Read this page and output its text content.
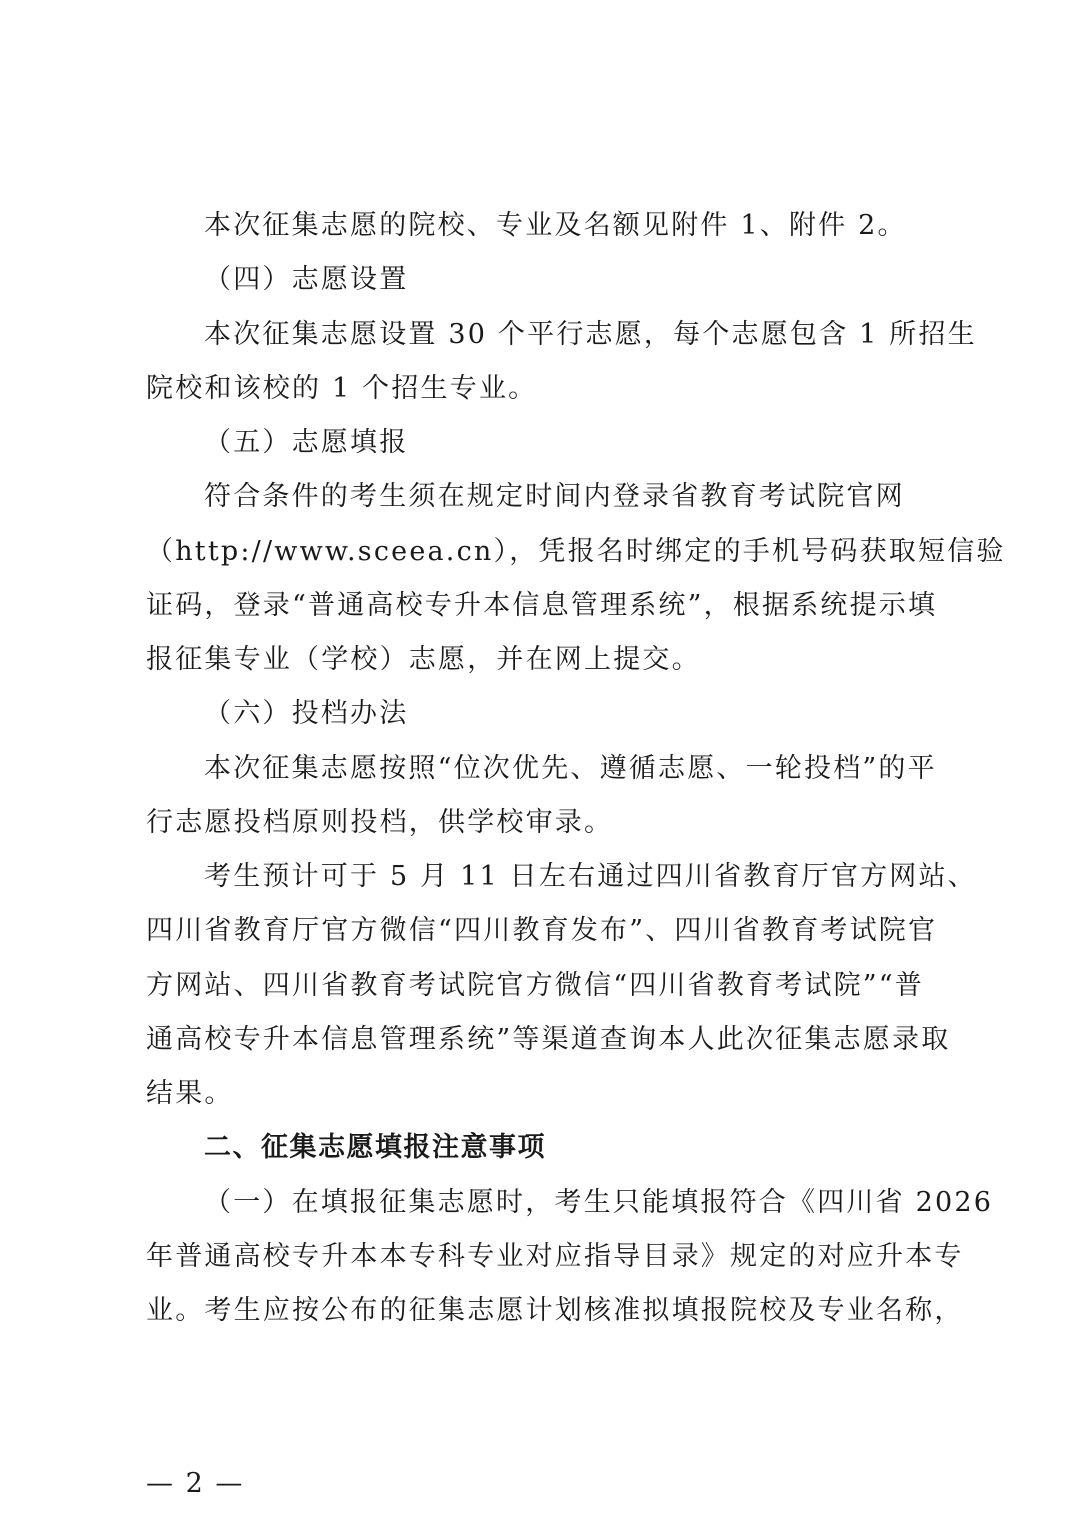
本次征集志愿的院校、专业及名额见附件 1、附件 2。
（四）志愿设置
本次征集志愿设置 30 个平行志愿，每个志愿包含 1 所招生
院校和该校的 1 个招生专业。
（五）志愿填报
符合条件的考生须在规定时间内登录省教育考试院官网
（http://www.sceea.cn），凭报名时绑定的手机号码获取短信验
证码，登录“普通高校专升本信息管理系统”，根据系统提示填
报征集专业（学校）志愿，并在网上提交。
（六）投档办法
本次征集志愿按照“位次优先、遵循志愿、一轮投档”的平
行志愿投档原则投档，供学校审录。
考生预计可于 5 月 11 日左右通过四川省教育厅官方网站、
四川省教育厅官方微信“四川教育发布”、四川省教育考试院官
方网站、四川省教育考试院官方微信“四川省教育考试院”“普
通高校专升本信息管理系统”等渠道查询本人此次征集志愿录取
结果。
二、征集志愿填报注意事项
（一）在填报征集志愿时，考生只能填报符合《四川省 2026
年普通高校专升本本专科专业对应指导目录》规定的对应升本专
业。考生应按公布的征集志愿计划核准拟填报院校及专业名称，
— 2 —
